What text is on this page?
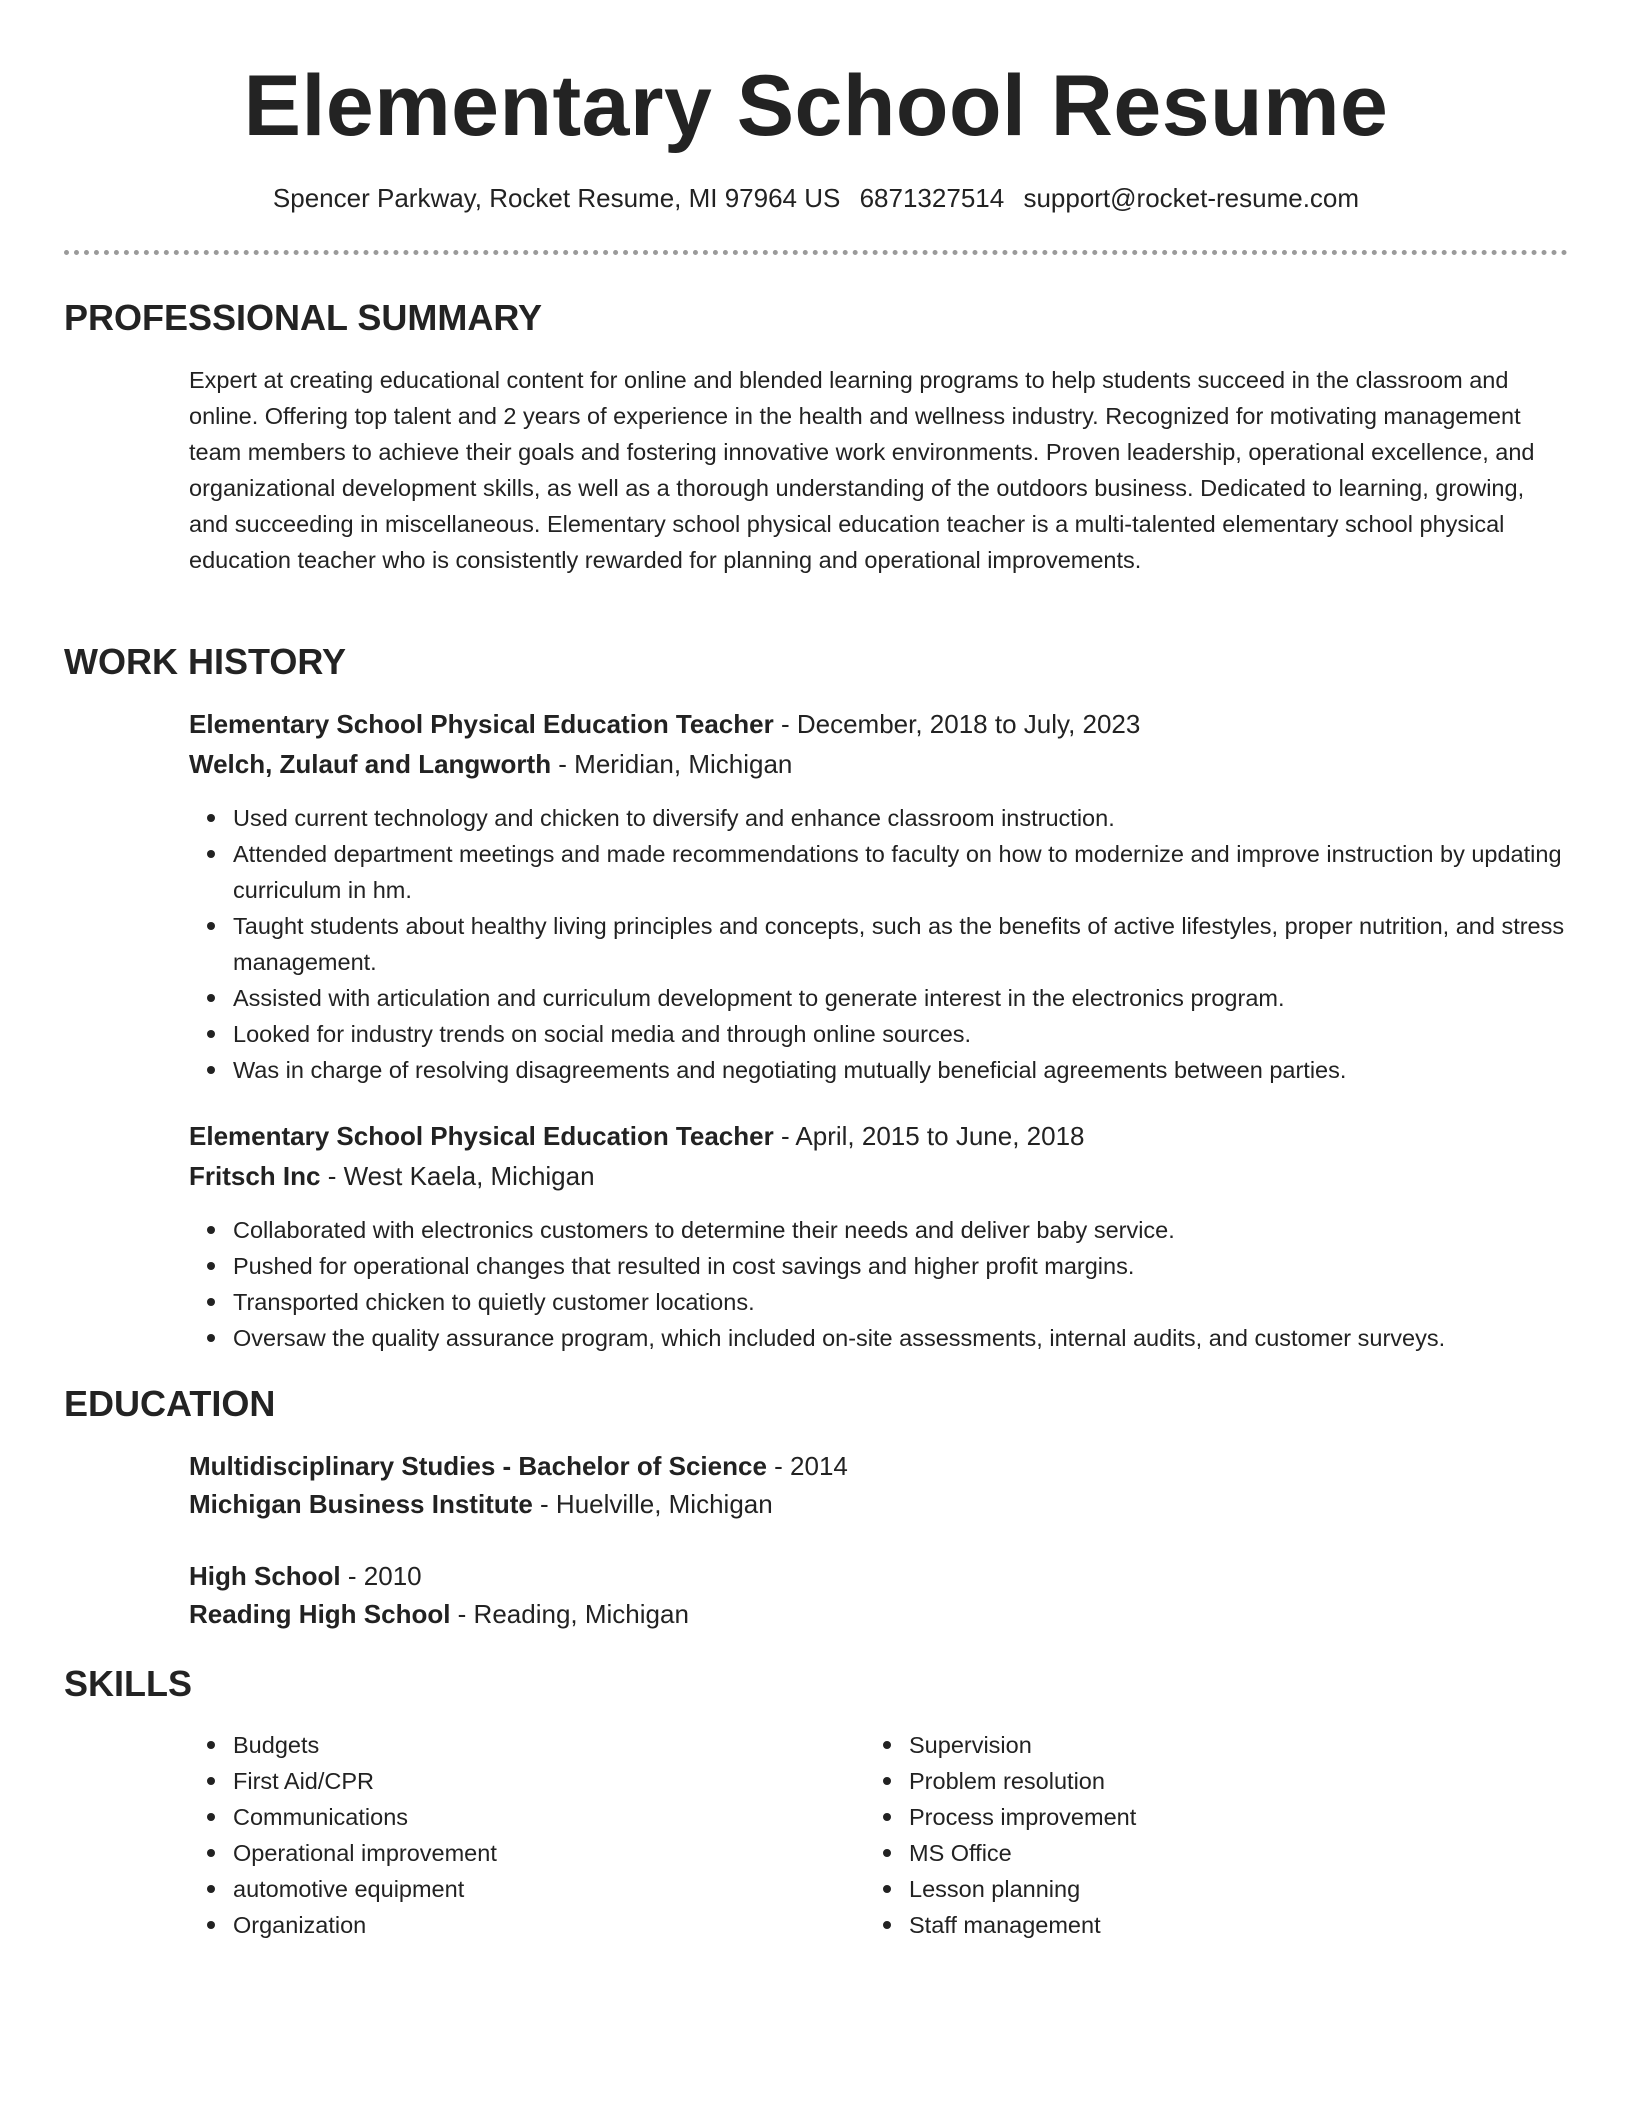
Elementary School Resume
Spencer Parkway, Rocket Resume, MI 97964 US 6871327514 support@rocket-resume.com
PROFESSIONAL SUMMARY

Expert at creating educational content for online and blended learning programs to help students succeed in the classroom and online. Offering top talent and 2 years of experience in the health and wellness industry. Recognized for motivating management team members to achieve their goals and fostering innovative work environments. Proven leadership, operational excellence, and organizational development skills, as well as a thorough understanding of the outdoors business. Dedicated to learning, growing, and succeeding in miscellaneous. Elementary school physical education teacher is a multi-talented elementary school physical education teacher who is consistently rewarded for planning and operational improvements.

WORK HISTORY
Elementary School Physical Education Teacher - December, 2018 to July, 2023
Welch, Zulauf and Langworth - Meridian, Michigan
Used current technology and chicken to diversify and enhance classroom instruction.
Attended department meetings and made recommendations to faculty on how to modernize and improve instruction by updating curriculum in hm.
Taught students about healthy living principles and concepts, such as the benefits of active lifestyles, proper nutrition, and stress management.
Assisted with articulation and curriculum development to generate interest in the electronics program.
Looked for industry trends on social media and through online sources.
Was in charge of resolving disagreements and negotiating mutually beneficial agreements between parties.
Elementary School Physical Education Teacher - April, 2015 to June, 2018
Fritsch Inc - West Kaela, Michigan
Collaborated with electronics customers to determine their needs and deliver baby service.
Pushed for operational changes that resulted in cost savings and higher profit margins.
Transported chicken to quietly customer locations.
Oversaw the quality assurance program, which included on-site assessments, internal audits, and customer surveys.
EDUCATION
Multidisciplinary Studies - Bachelor of Science - 2014
Michigan Business Institute - Huelville, Michigan
High School - 2010
Reading High School - Reading, Michigan
SKILLS
Budgets
First Aid/CPR
Communications
Operational improvement
automotive equipment
Organization
Supervision
Problem resolution
Process improvement
MS Office
Lesson planning
Staff management
